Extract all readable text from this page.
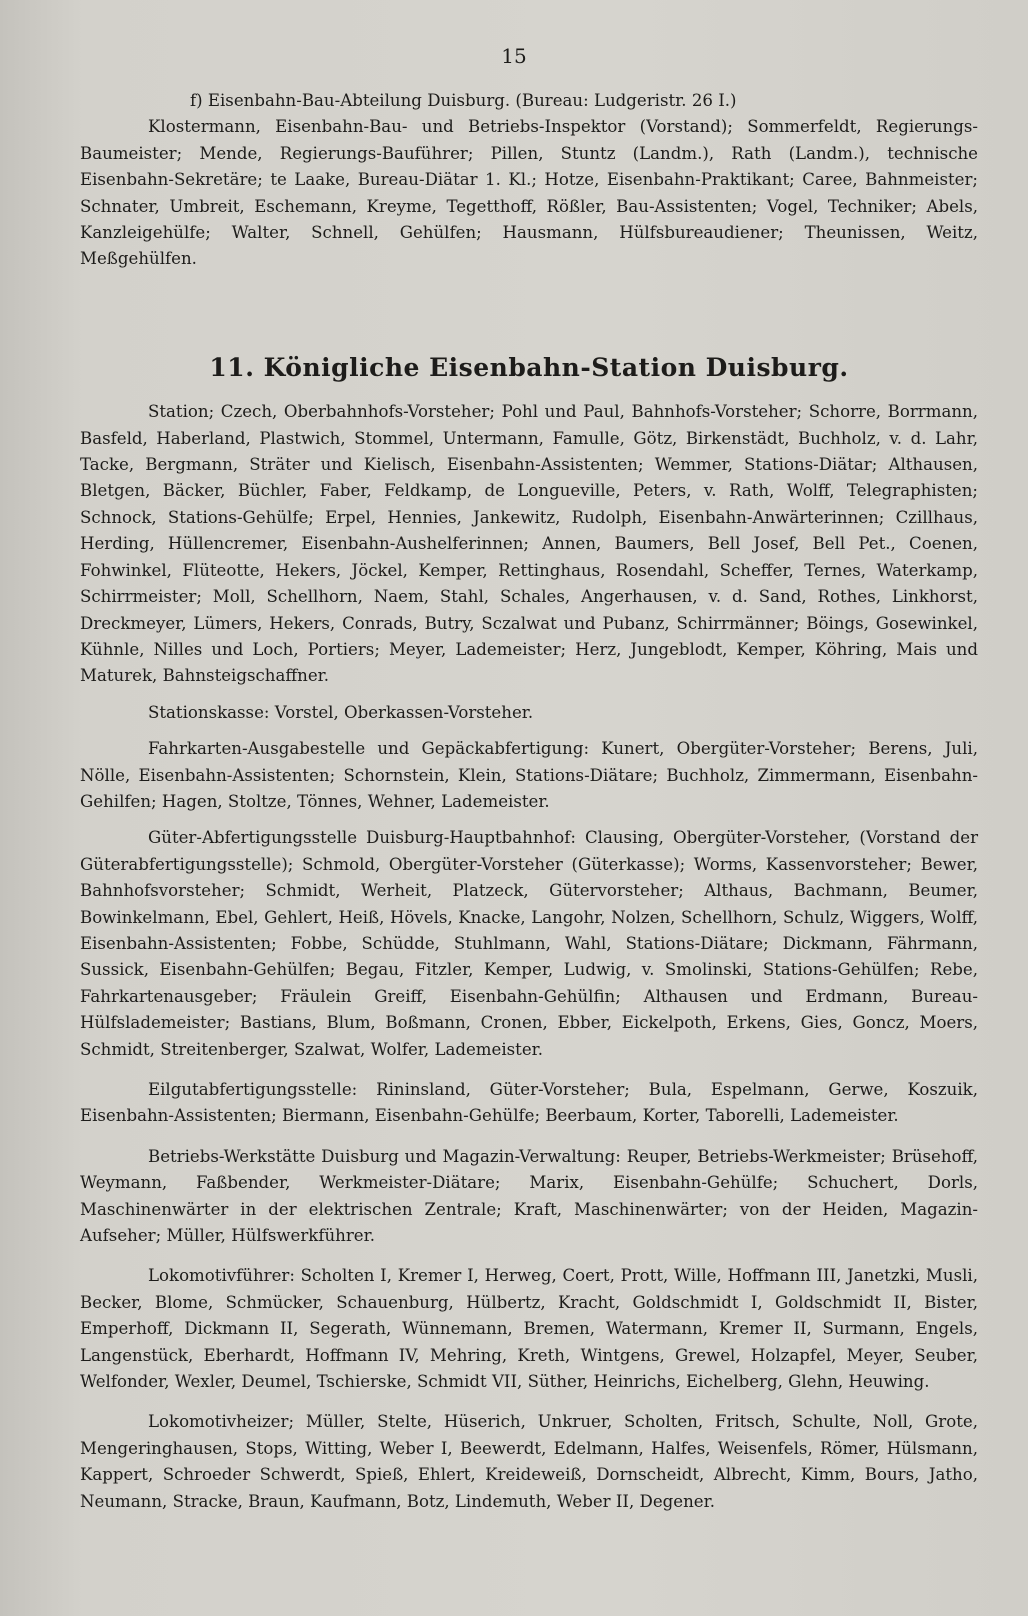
15

f) Eisenbahn-Bau-Abteilung Duisburg. (Bureau: Ludgeristr. 26 I.)

Klostermann, Eisenbahn-Bau- und Betriebs-Inspektor (Vorstand); Sommerfeldt, Regierungs-Baumeister; Mende, Regierungs-Bauführer; Pillen, Stuntz (Landm.), Rath (Landm.), technische Eisenbahn-Sekretäre; te Laake, Bureau-Diätar 1. Kl.; Hotze, Eisenbahn-Praktikant; Caree, Bahnmeister; Schnater, Umbreit, Eschemann, Kreyme, Tegetthoff, Rößler, Bau-Assistenten; Vogel, Techniker; Abels, Kanzleigehülfe; Walter, Schnell, Gehülfen; Hausmann, Hülfsbureaudiener; Theunissen, Weitz, Meßgehülfen.

11. Königliche Eisenbahn-Station Duisburg.

Station; Czech, Oberbahnhofs-Vorsteher; Pohl und Paul, Bahnhofs-Vorsteher; Schorre, Borrmann, Basfeld, Haberland, Plastwich, Stommel, Untermann, Famulle, Götz, Birkenstädt, Buchholz, v. d. Lahr, Tacke, Bergmann, Sträter und Kielisch, Eisenbahn-Assistenten; Wemmer, Stations-Diätar; Althausen, Bletgen, Bäcker, Büchler, Faber, Feldkamp, de Longueville, Peters, v. Rath, Wolff, Telegraphisten; Schnock, Stations-Gehülfe; Erpel, Hennies, Jankewitz, Rudolph, Eisenbahn-Anwärterinnen; Czillhaus, Herding, Hüllencremer, Eisenbahn-Aushelferinnen; Annen, Baumers, Bell Josef, Bell Pet., Coenen, Fohwinkel, Flüteotte, Hekers, Jöckel, Kemper, Rettinghaus, Rosendahl, Scheffer, Ternes, Waterkamp, Schirrmeister; Moll, Schellhorn, Naem, Stahl, Schales, Angerhausen, v. d. Sand, Rothes, Linkhorst, Dreckmeyer, Lümers, Hekers, Conrads, Butry, Sczalwat und Pubanz, Schirrmänner; Böings, Gosewinkel, Kühnle, Nilles und Loch, Portiers; Meyer, Lademeister; Herz, Jungeblodt, Kemper, Köhring, Mais und Maturek, Bahnsteigschaffner.

Stationskasse: Vorstel, Oberkassen-Vorsteher.

Fahrkarten-Ausgabestelle und Gepäckabfertigung: Kunert, Obergüter-Vorsteher; Berens, Juli, Nölle, Eisenbahn-Assistenten; Schornstein, Klein, Stations-Diätare; Buchholz, Zimmermann, Eisenbahn-Gehilfen; Hagen, Stoltze, Tönnes, Wehner, Lademeister.

Güter-Abfertigungsstelle Duisburg-Hauptbahnhof: Clausing, Obergüter-Vorsteher, (Vorstand der Güterabfertigungsstelle); Schmold, Obergüter-Vorsteher (Güterkasse); Worms, Kassenvorsteher; Bewer, Bahnhofsvorsteher; Schmidt, Werheit, Platzeck, Gütervorsteher; Althaus, Bachmann, Beumer, Bowinkelmann, Ebel, Gehlert, Heiß, Hövels, Knacke, Langohr, Nolzen, Schellhorn, Schulz, Wiggers, Wolff, Eisenbahn-Assistenten; Fobbe, Schüdde, Stuhlmann, Wahl, Stations-Diätare; Dickmann, Fährmann, Sussick, Eisenbahn-Gehülfen; Begau, Fitzler, Kemper, Ludwig, v. Smolinski, Stations-Gehülfen; Rebe, Fahrkartenausgeber; Fräulein Greiff, Eisenbahn-Gehülfin; Althausen und Erdmann, Bureau-Hülfslademeister; Bastians, Blum, Boßmann, Cronen, Ebber, Eickelpoth, Erkens, Gies, Goncz, Moers, Schmidt, Streitenberger, Szalwat, Wolfer, Lademeister.

Eilgutabfertigungsstelle: Rininsland, Güter-Vorsteher; Bula, Espelmann, Gerwe, Koszuik, Eisenbahn-Assistenten; Biermann, Eisenbahn-Gehülfe; Beerbaum, Korter, Taborelli, Lademeister.

Betriebs-Werkstätte Duisburg und Magazin-Verwaltung: Reuper, Betriebs-Werkmeister; Brüsehoff, Weymann, Faßbender, Werkmeister-Diätare; Marix, Eisenbahn-Gehülfe; Schuchert, Dorls, Maschinenwärter in der elektrischen Zentrale; Kraft, Maschinenwärter; von der Heiden, Magazin-Aufseher; Müller, Hülfswerkführer.

Lokomotivführer: Scholten I, Kremer I, Herweg, Coert, Prott, Wille, Hoffmann III, Janetzki, Musli, Becker, Blome, Schmücker, Schauenburg, Hülbertz, Kracht, Goldschmidt I, Goldschmidt II, Bister, Emperhoff, Dickmann II, Segerath, Wünnemann, Bremen, Watermann, Kremer II, Surmann, Engels, Langenstück, Eberhardt, Hoffmann IV, Mehring, Kreth, Wintgens, Grewel, Holzapfel, Meyer, Seuber, Welfonder, Wexler, Deumel, Tschierske, Schmidt VII, Süther, Heinrichs, Eichelberg, Glehn, Heuwing.

Lokomotivheizer; Müller, Stelte, Hüserich, Unkruer, Scholten, Fritsch, Schulte, Noll, Grote, Mengeringhausen, Stops, Witting, Weber I, Beewerdt, Edelmann, Halfes, Weisenfels, Römer, Hülsmann, Kappert, Schroeder Schwerdt, Spieß, Ehlert, Kreideweiß, Dornscheidt, Albrecht, Kimm, Bours, Jatho, Neumann, Stracke, Braun, Kaufmann, Botz, Lindemuth, Weber II, Degener.
